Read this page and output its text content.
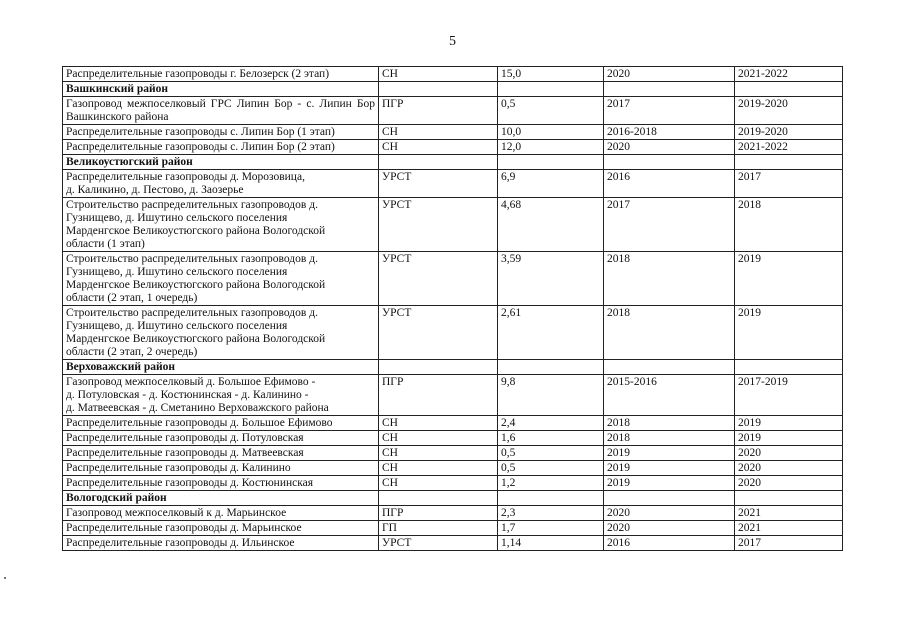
5
Распределительные газопроводы г. Белозерск (2 этап)	СН	15,0	2020	2021-2022
Вашкинский район				
Газопровод межпоселковый ГРС Липин Бор - с. Липин Бор Вашкинского района	ПГР	0,5	2017	2019-2020
Распределительные газопроводы с. Липин Бор (1 этап)	СН	10,0	2016-2018	2019-2020
Распределительные газопроводы с. Липин Бор (2 этап)	СН	12,0	2020	2021-2022
Великоустюгский район				
Распределительные газопроводы д. Морозовица,
д. Каликино, д. Пестово, д. Заозерье	УРСТ	6,9	2016	2017
Строительство распределительных газопроводов д.
Гузнищево, д. Ишутино сельского поселения
Марденгское Великоустюгского района Вологодской
области (1 этап)	УРСТ	4,68	2017	2018
Строительство распределительных газопроводов д.
Гузнищево, д. Ишутино сельского поселения
Марденгское Великоустюгского района Вологодской
области (2 этап, 1 очередь)	УРСТ	3,59	2018	2019
Строительство распределительных газопроводов д.
Гузнищево, д. Ишутино сельского поселения
Марденгское Великоустюгского района Вологодской
области (2 этап, 2 очередь)	УРСТ	2,61	2018	2019
Верховажский район				
Газопровод межпоселковый д. Большое Ефимово -
д. Потуловская - д. Костюнинская - д. Калинино -
д. Матвеевская - д. Сметанино Верховажского района	ПГР	9,8	2015-2016	2017-2019
Распределительные газопроводы д. Большое Ефимово	СН	2,4	2018	2019
Распределительные газопроводы д. Потуловская	СН	1,6	2018	2019
Распределительные газопроводы д. Матвеевская	СН	0,5	2019	2020
Распределительные газопроводы д. Калинино	СН	0,5	2019	2020
Распределительные газопроводы д. Костюнинская	СН	1,2	2019	2020
Вологодский район				
Газопровод межпоселковый к д. Марьинское	ПГР	2,3	2020	2021
Распределительные газопроводы д. Марьинское	ГП	1,7	2020	2021
Распределительные газопроводы д. Ильинское	УРСТ	1,14	2016	2017
